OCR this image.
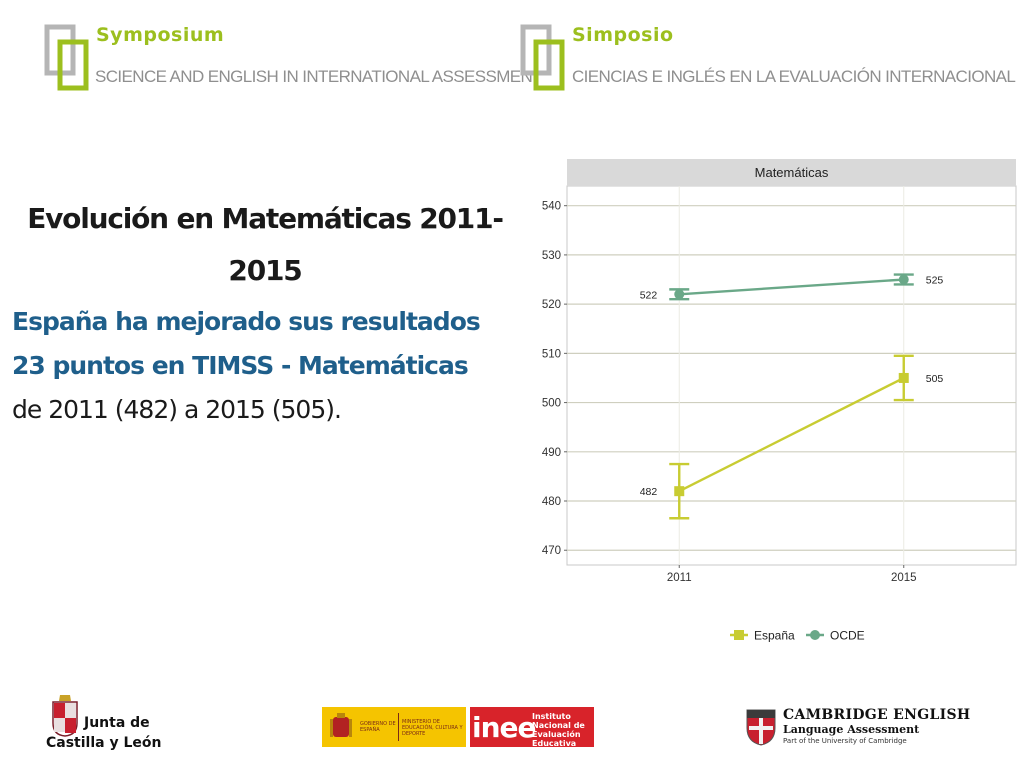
Symposium
SCIENCE AND ENGLISH IN INTERNATIONAL ASSESSMENT
Simposio
CIENCIAS E INGLÉS EN LA EVALUACIÓN INTERNACIONAL
Evolución en Matemáticas 2011-
2015
España ha mejorado sus resultados
23 puntos en TIMSS - Matemáticas
de 2011 (482) a 2015 (505).
Matemáticas
470
480
490
500
510
520
530
540
2011	2015
482
505
522
525
España	OCDE
Junta de
Castilla y León
GOBIERNO DE ESPAÑA
MINISTERIO DE EDUCACIÓN, CULTURA Y DEPORTE	inee
Instituto Nacional de Evaluación Educativa
CAMBRIDGE ENGLISH
Language Assessment
Part of the University of Cambridge
